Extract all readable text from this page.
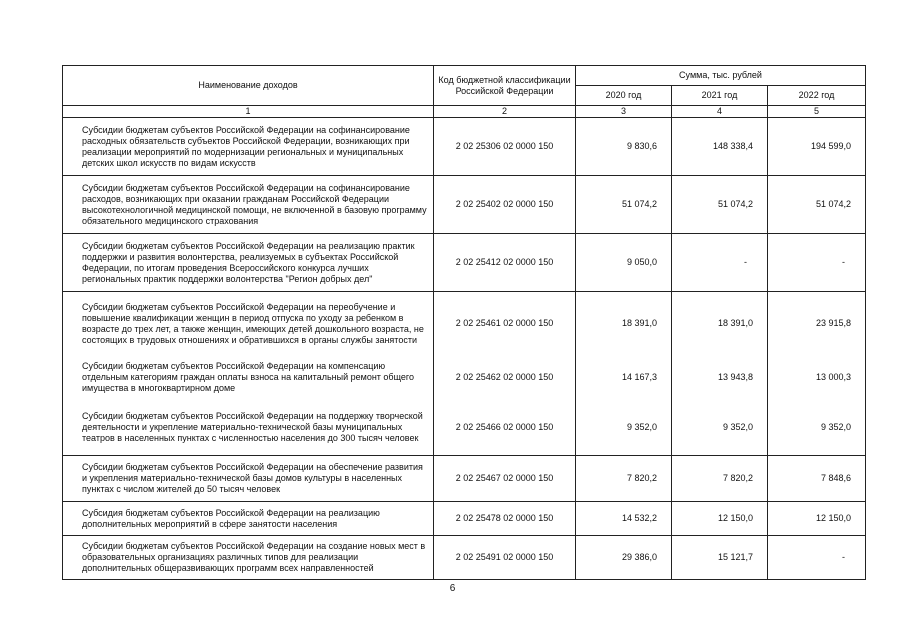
Наименование доходов	Код бюджетной классификации Российской Федерации	Сумма, тыс. рублей		
		2020 год	2021 год	2022 год
1	2	3	4	5
Субсидии бюджетам субъектов Российской Федерации на софинансирование расходных обязательств субъектов Российской Федерации, возникающих при реализации мероприятий по модернизации региональных и муниципальных детских школ искусств по видам искусств	2 02 25306 02 0000 150	9 830,6	148 338,4	194 599,0
Субсидии бюджетам субъектов Российской Федерации на софинансирование расходов, возникающих при оказании гражданам Российской Федерации высокотехнологичной медицинской помощи, не включенной в базовую программу обязательного медицинского страхования	2 02 25402 02 0000 150	51 074,2	51 074,2	51 074,2
Субсидии бюджетам субъектов Российской Федерации на реализацию практик поддержки и развития волонтерства, реализуемых в субъектах Российской Федерации, по итогам проведения Всероссийского конкурса лучших региональных практик поддержки волонтерства "Регион добрых дел"	2 02 25412 02 0000 150	9 050,0	-	-
Субсидии бюджетам субъектов Российской Федерации на переобучение и повышение квалификации женщин в период отпуска по уходу за ребенком в возрасте до трех лет, а также женщин, имеющих детей дошкольного возраста, не состоящих в трудовых отношениях и обратившихся в органы службы занятости	2 02 25461 02 0000 150	18 391,0	18 391,0	23 915,8
Субсидии бюджетам субъектов Российской Федерации на компенсацию отдельным категориям граждан оплаты взноса на капитальный ремонт общего имущества в многоквартирном доме	2 02 25462 02 0000 150	14 167,3	13 943,8	13 000,3
Субсидии бюджетам субъектов Российской Федерации на поддержку творческой деятельности и укрепление материально-технической базы муниципальных театров в населенных пунктах с численностью населения до 300 тысяч человек	2 02 25466 02 0000 150	9 352,0	9 352,0	9 352,0
Субсидии бюджетам субъектов Российской Федерации на обеспечение развития и укрепления материально-технической базы домов культуры в населенных пунктах с числом жителей до 50 тысяч человек	2 02 25467 02 0000 150	7 820,2	7 820,2	7 848,6
Субсидия бюджетам субъектов Российской Федерации на реализацию дополнительных мероприятий в сфере занятости населения	2 02 25478 02 0000 150	14 532,2	12 150,0	12 150,0
Субсидии бюджетам субъектов Российской Федерации на создание новых мест в образовательных организациях различных типов для реализации дополнительных общеразвивающих программ всех направленностей	2 02 25491 02 0000 150	29 386,0	15 121,7	-
6
